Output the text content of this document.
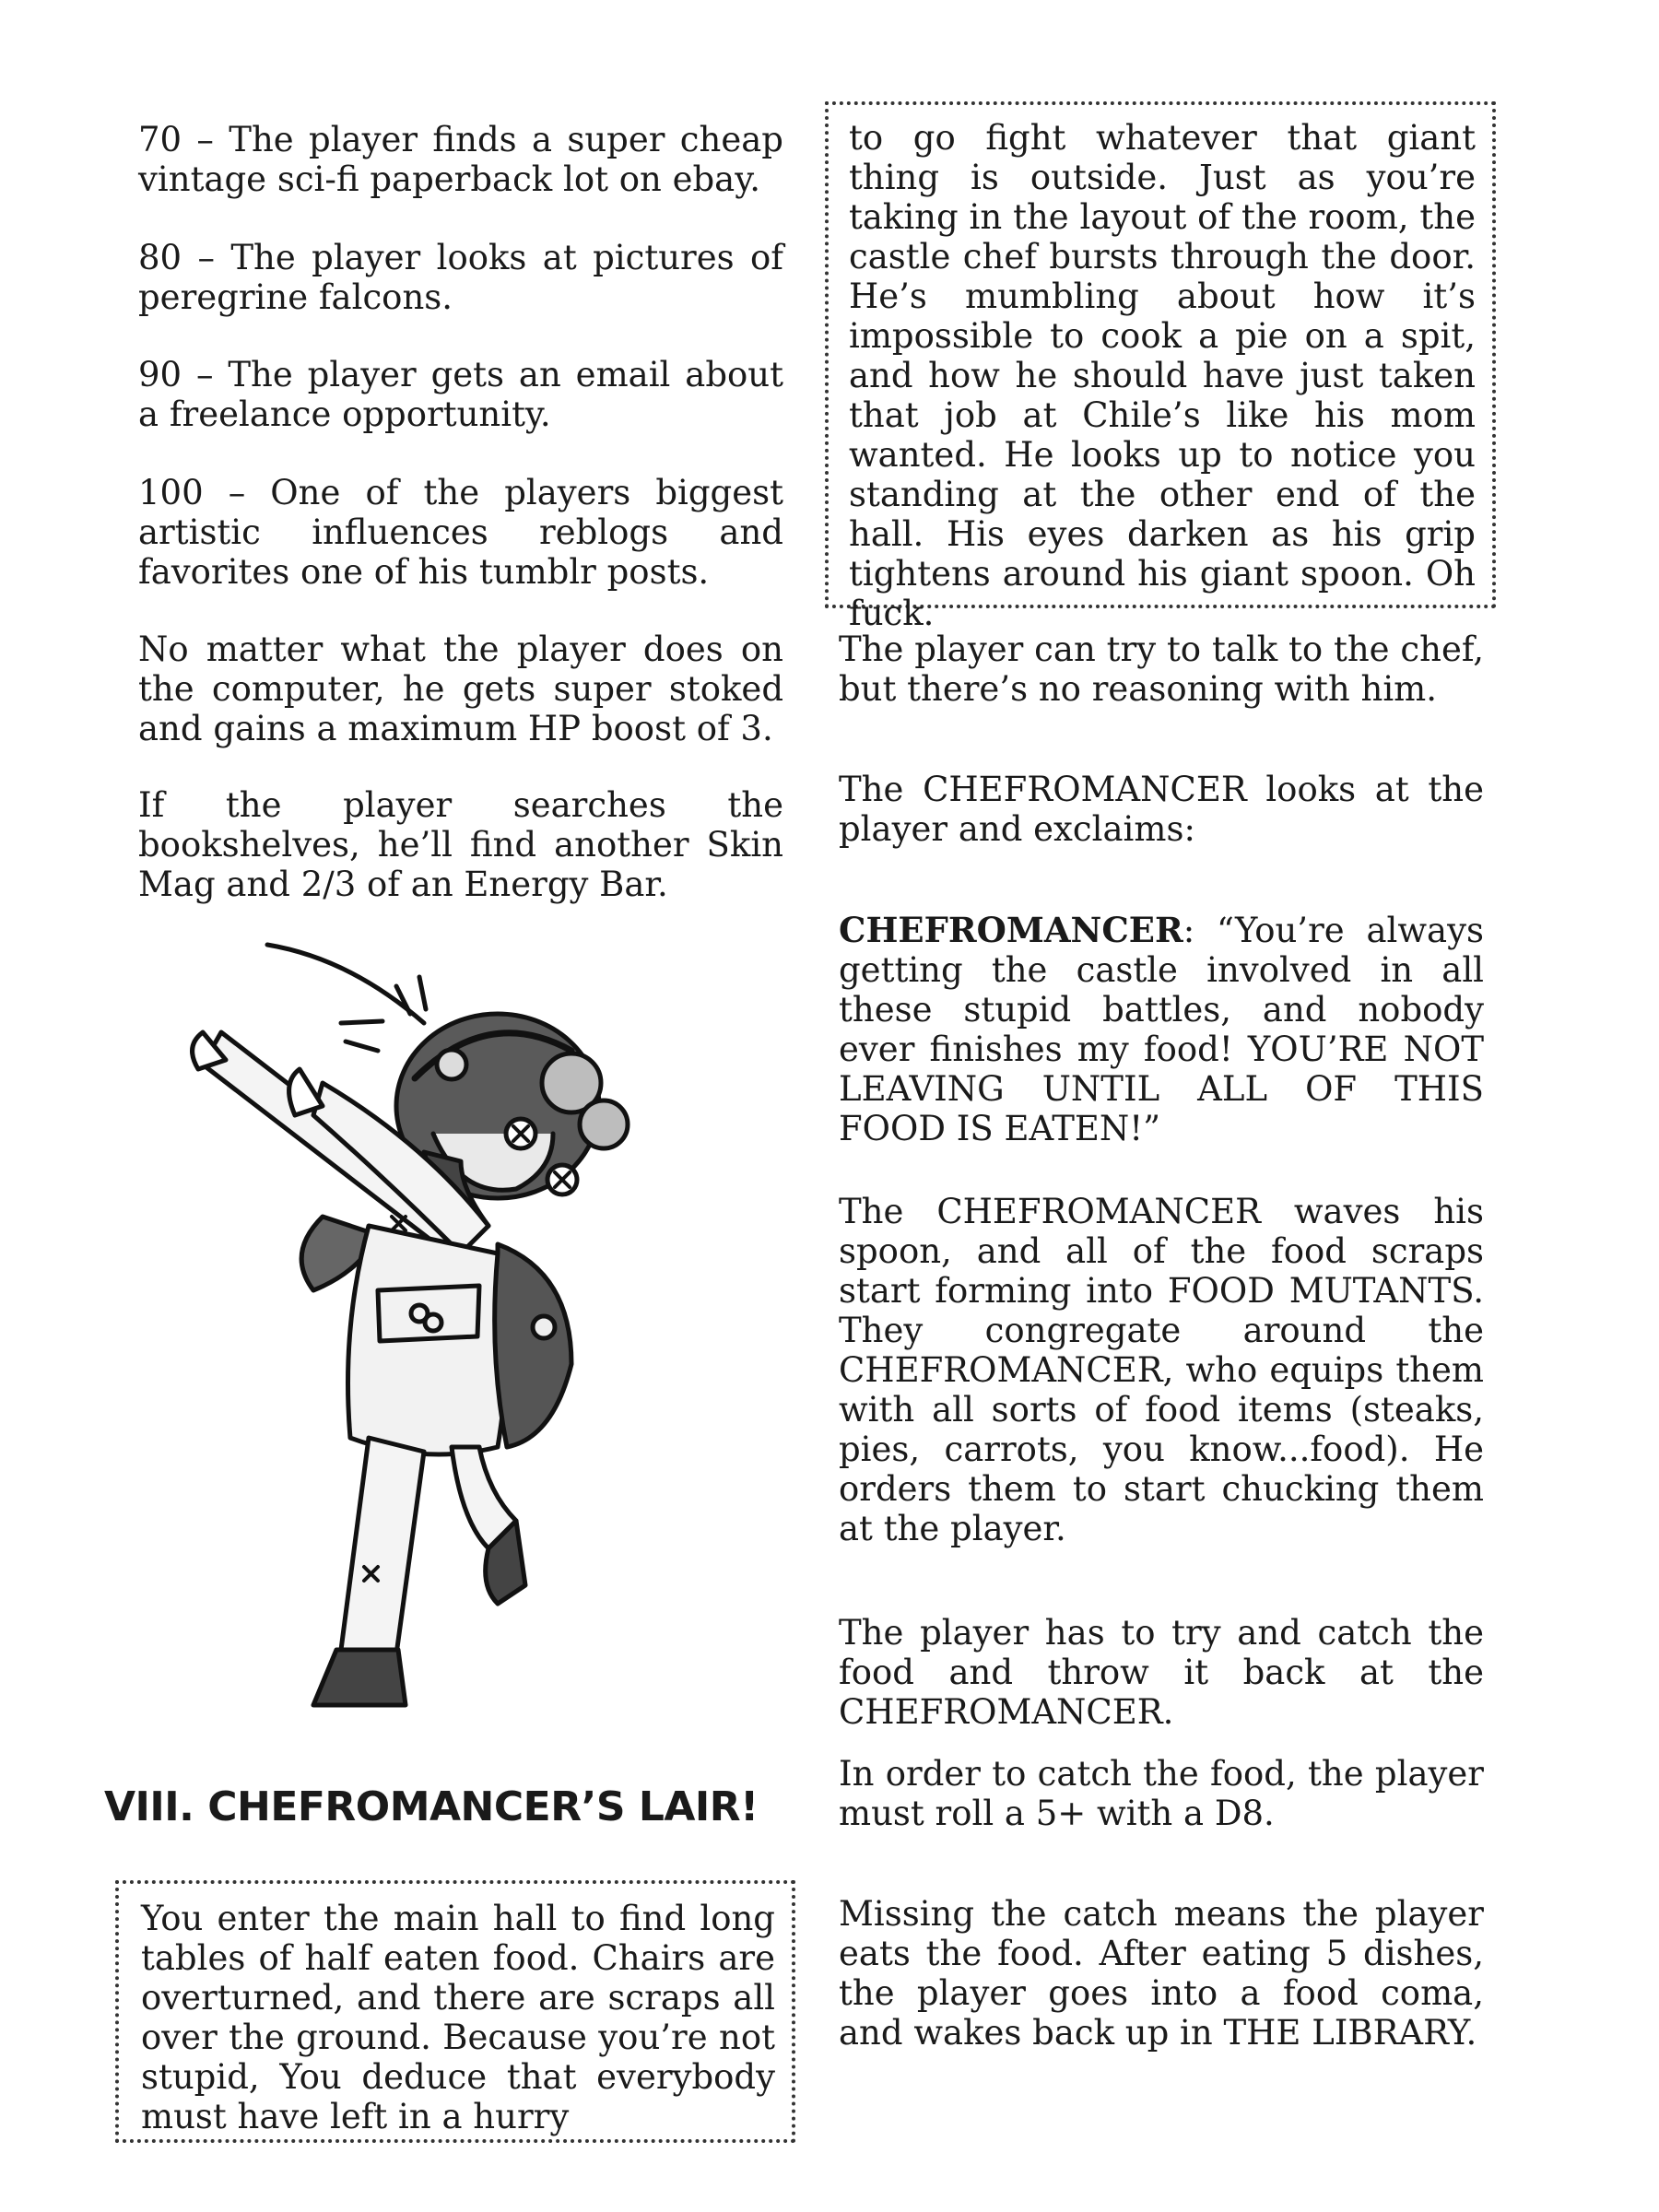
70 – The player finds a super cheap vintage sci-fi paperback lot on ebay.

80 – The player looks at pictures of peregrine falcons.

90 – The player gets an email about a freelance opportunity.

100 – One of the players biggest artistic influences reblogs and favorites one of his tumblr posts.

No matter what the player does on the computer, he gets super stoked and gains a maximum HP boost of 3.

If the player searches the bookshelves, he’ll find another Skin Mag and 2/3 of an Energy Bar.

VIII. CHEFROMANCER’S LAIR!

You enter the main hall to find long tables of half eaten food. Chairs are overturned, and there are scraps all over the ground. Because you’re not stupid, You deduce that everybody must have left in a hurry

to go fight whatever that giant thing is outside. Just as you’re taking in the layout of the room, the castle chef bursts through the door. He’s mumbling about how it’s impossible to cook a pie on a spit, and how he should have just taken that job at Chile’s like his mom wanted. He looks up to notice you standing at the other end of the hall. His eyes darken as his grip tightens around his giant spoon. Oh fuck.

The player can try to talk to the chef, but there’s no reasoning with him.

The CHEFROMANCER looks at the player and exclaims:

CHEFROMANCER: “You’re always getting the castle involved in all these stupid battles, and nobody ever finishes my food! YOU’RE NOT LEAVING UNTIL ALL OF THIS FOOD IS EATEN!”

The CHEFROMANCER waves his spoon, and all of the food scraps start forming into FOOD MUTANTS. They congregate around the CHEFROMANCER, who equips them with all sorts of food items (steaks, pies, carrots, you know...food). He orders them to start chucking them at the player.

The player has to try and catch the food and throw it back at the CHEFROMANCER.

In order to catch the food, the player must roll a 5+ with a D8.

Missing the catch means the player eats the food. After eating 5 dishes, the player goes into a food coma, and wakes back up in THE LIBRARY.
